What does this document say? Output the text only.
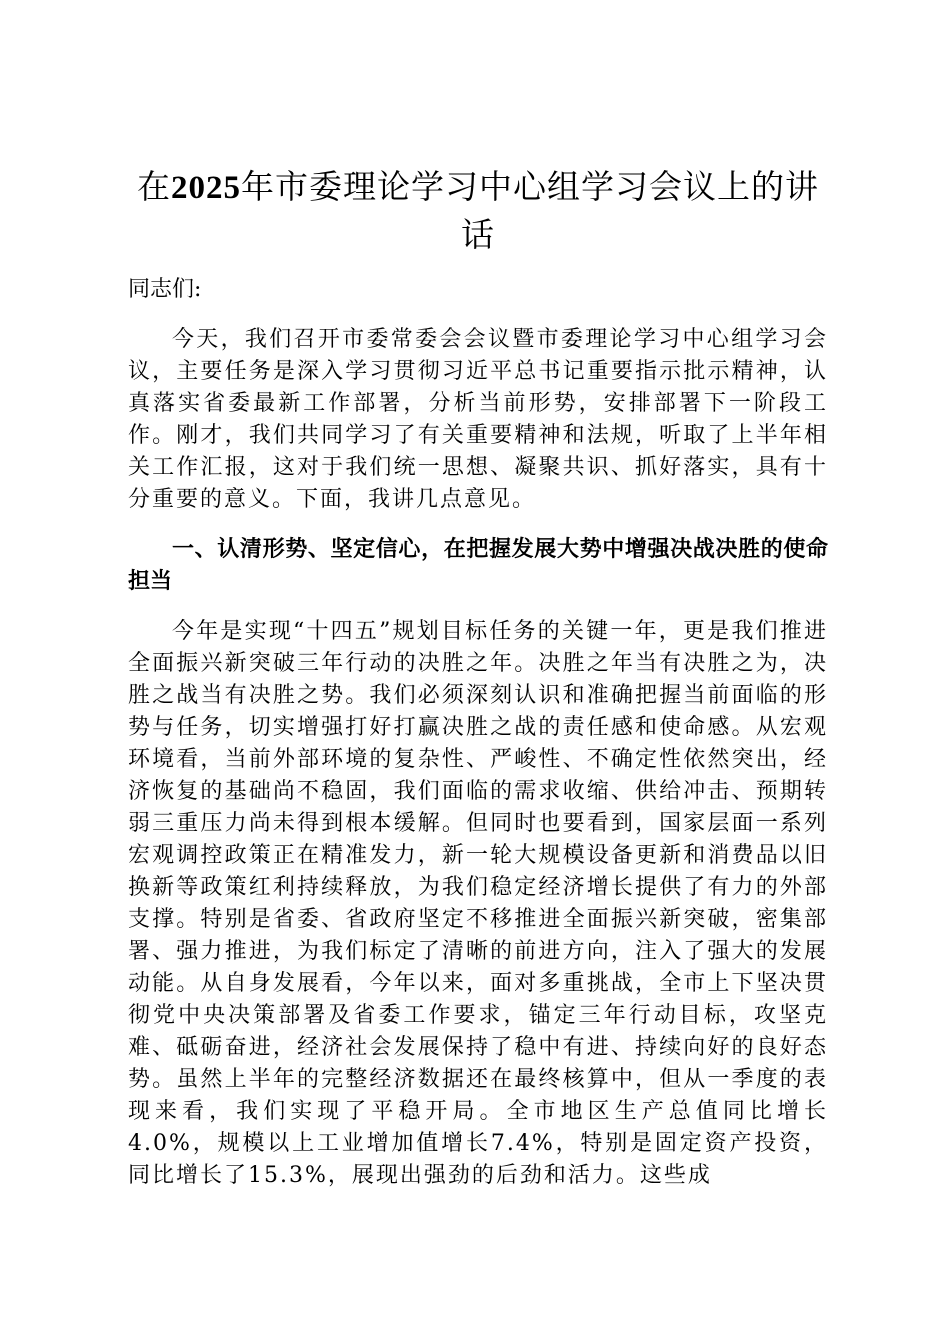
在2025年市委理论学习中心组学习会议上的讲话

同志们:

今天，我们召开市委常委会会议暨市委理论学习中心组学习会议，主要任务是深入学习贯彻习近平总书记重要指示批示精神，认真落实省委最新工作部署，分析当前形势，安排部署下一阶段工作。刚才，我们共同学习了有关重要精神和法规，听取了上半年相关工作汇报，这对于我们统一思想、凝聚共识、抓好落实，具有十分重要的意义。下面，我讲几点意见。

一、认清形势、坚定信心，在把握发展大势中增强决战决胜的使命担当

今年是实现“十四五”规划目标任务的关键一年，更是我们推进全面振兴新突破三年行动的决胜之年。决胜之年当有决胜之为，决胜之战当有决胜之势。我们必须深刻认识和准确把握当前面临的形势与任务，切实增强打好打赢决胜之战的责任感和使命感。从宏观环境看，当前外部环境的复杂性、严峻性、不确定性依然突出，经济恢复的基础尚不稳固，我们面临的需求收缩、供给冲击、预期转弱三重压力尚未得到根本缓解。但同时也要看到，国家层面一系列宏观调控政策正在精准发力，新一轮大规模设备更新和消费品以旧换新等政策红利持续释放，为我们稳定经济增长提供了有力的外部支撑。特别是省委、省政府坚定不移推进全面振兴新突破，密集部署、强力推进，为我们标定了清晰的前进方向，注入了强大的发展动能。从自身发展看，今年以来，面对多重挑战，全市上下坚决贯彻党中央决策部署及省委工作要求，锚定三年行动目标，攻坚克难、砥砺奋进，经济社会发展保持了稳中有进、持续向好的良好态势。虽然上半年的完整经济数据还在最终核算中，但从一季度的表现来看，我们实现了平稳开局。全市地区生产总值同比增长4.0%，规模以上工业增加值增长7.4%，特别是固定资产投资，同比增长了15.3%，展现出强劲的后劲和活力。这些成
